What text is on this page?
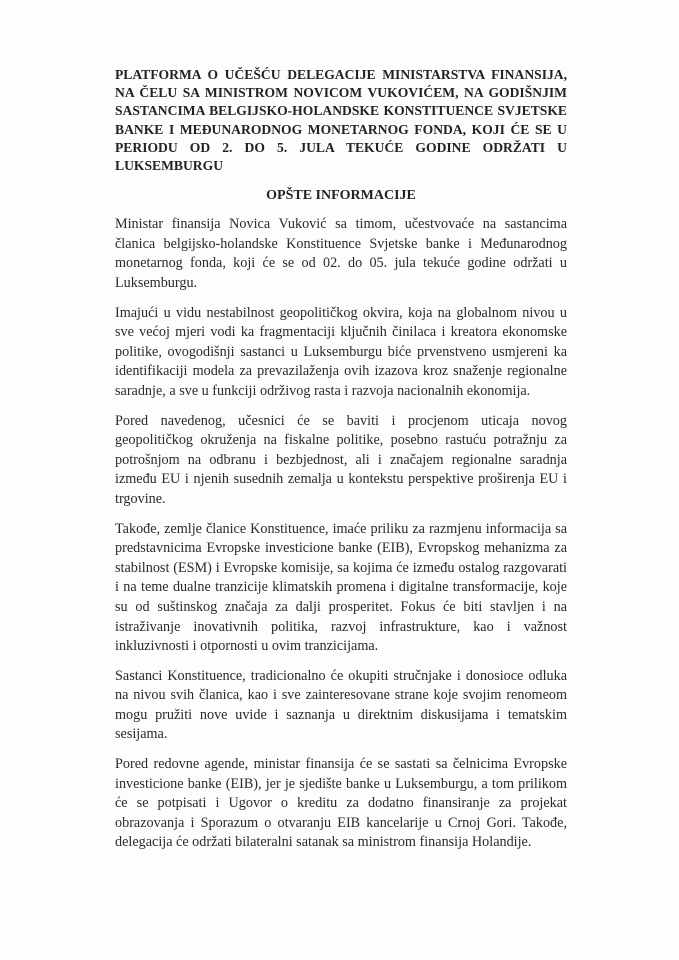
PLATFORMA O UČEŠĆU DELEGACIJE MINISTARSTVA FINANSIJA, NA ČELU SA MINISTROM NOVICOM VUKOVIĆEM, NA GODIŠNJIM SASTANCIMA BELGIJSKO-HOLANDSKE KONSTITUENCE SVJETSKE BANKE I MEĐUNARODNOG MONETARNOG FONDA, KOJI ĆE SE U PERIODU OD 2. DO 5. JULA TEKUĆE GODINE ODRŽATI U LUKSEMBURGU
OPŠTE INFORMACIJE

Ministar finansija Novica Vuković sa timom, učestvovaće na sastancima članica belgijsko-holandske Konstituence Svjetske banke i Međunarodnog monetarnog fonda, koji će se od 02. do 05. jula tekuće godine održati u Luksemburgu.

Imajući u vidu nestabilnost geopolitičkog okvira, koja na globalnom nivou u sve većoj mjeri vodi ka fragmentaciji ključnih činilaca i kreatora ekonomske politike, ovogodišnji sastanci u Luksemburgu biće prvenstveno usmjereni ka identifikaciji modela za prevazilaženja ovih izazova kroz snaženje regionalne saradnje, a sve u funkciji održivog rasta i razvoja nacionalnih ekonomija.

Pored navedenog, učesnici će se baviti i procjenom uticaja novog geopolitičkog okruženja na fiskalne politike, posebno rastuću potražnju za potrošnjom na odbranu i bezbjednost, ali i značajem regionalne saradnja između EU i njenih susednih zemalja u kontekstu perspektive proširenja EU i trgovine.

Takođe, zemlje članice Konstituence, imaće priliku za razmjenu informacija sa predstavnicima Evropske investicione banke (EIB), Evropskog mehanizma za stabilnost (ESM) i Evropske komisije, sa kojima će između ostalog razgovarati i na teme dualne tranzicije klimatskih promena i digitalne transformacije, koje su od suštinskog značaja za dalji prosperitet. Fokus će biti stavljen i na istraživanje inovativnih politika, razvoj infrastrukture, kao i važnost inkluzivnosti i otpornosti u ovim tranzicijama.

Sastanci Konstituence, tradicionalno će okupiti stručnjake i donosioce odluka na nivou svih članica, kao i sve zainteresovane strane koje svojim renomeom mogu pružiti nove uvide i saznanja u direktnim diskusijama i tematskim sesijama.

Pored redovne agende, ministar finansija će se sastati sa čelnicima Evropske investicione banke (EIB), jer je sjedište banke u Luksemburgu, a tom prilikom će se potpisati i Ugovor o kreditu za dodatno finansiranje za projekat obrazovanja i Sporazum o otvaranju EIB kancelarije u Crnoj Gori. Takođe, delegacija će održati bilateralni satanak sa ministrom finansija Holandije.
